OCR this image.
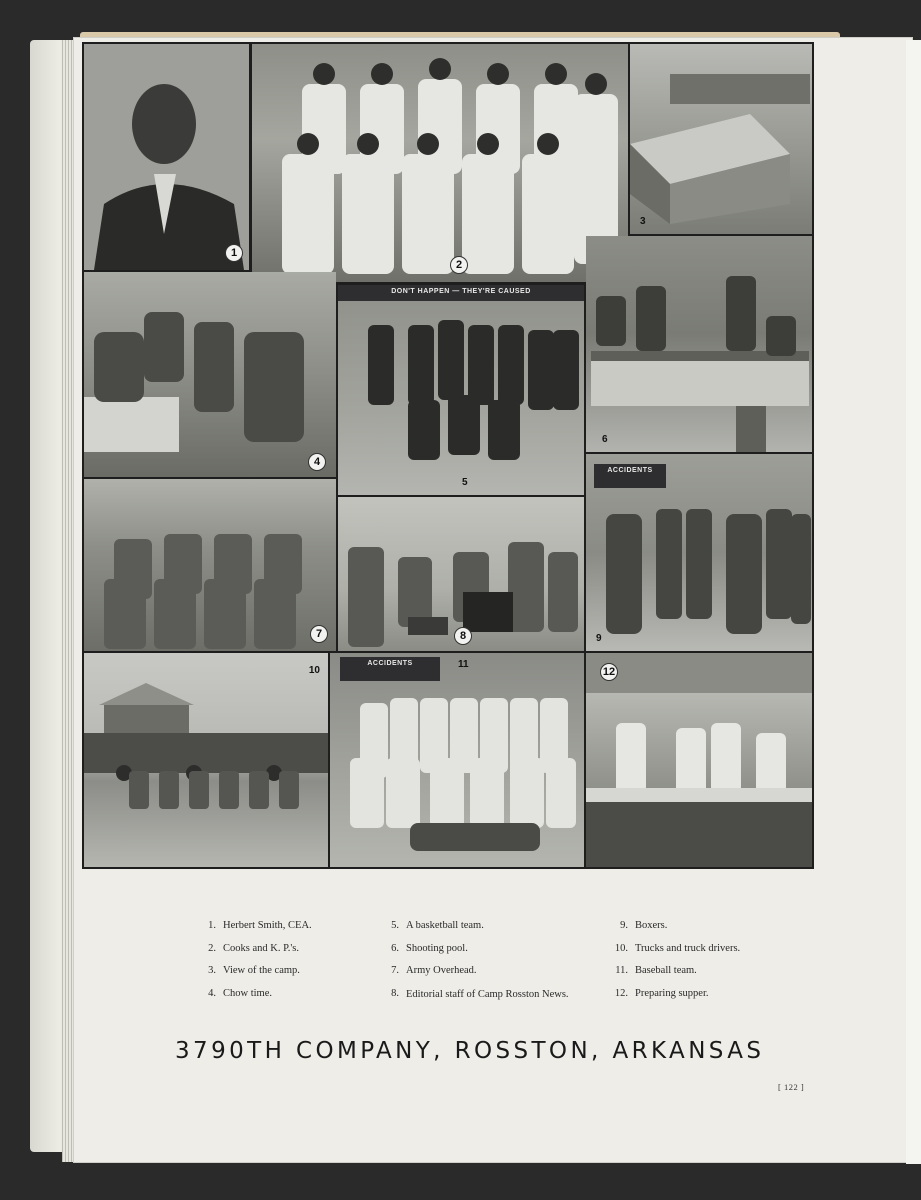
1
2
3
4
DON'T HAPPEN — THEY'RE CAUSED
5
6
7	8
ACCIDENTS
9
10
ACCIDENTS	11
12
1. Herbert Smith, CEA.
2. Cooks and K. P.'s.
3. View of the camp.
4. Chow time.
5. A basketball team.
6. Shooting pool.
7. Army Overhead.
8. Editorial staff of Camp Rosston News.
9. Boxers.
10. Trucks and truck drivers.
11. Baseball team.
12. Preparing supper.
3790TH COMPANY, ROSSTON, ARKANSAS
[ 122 ]
